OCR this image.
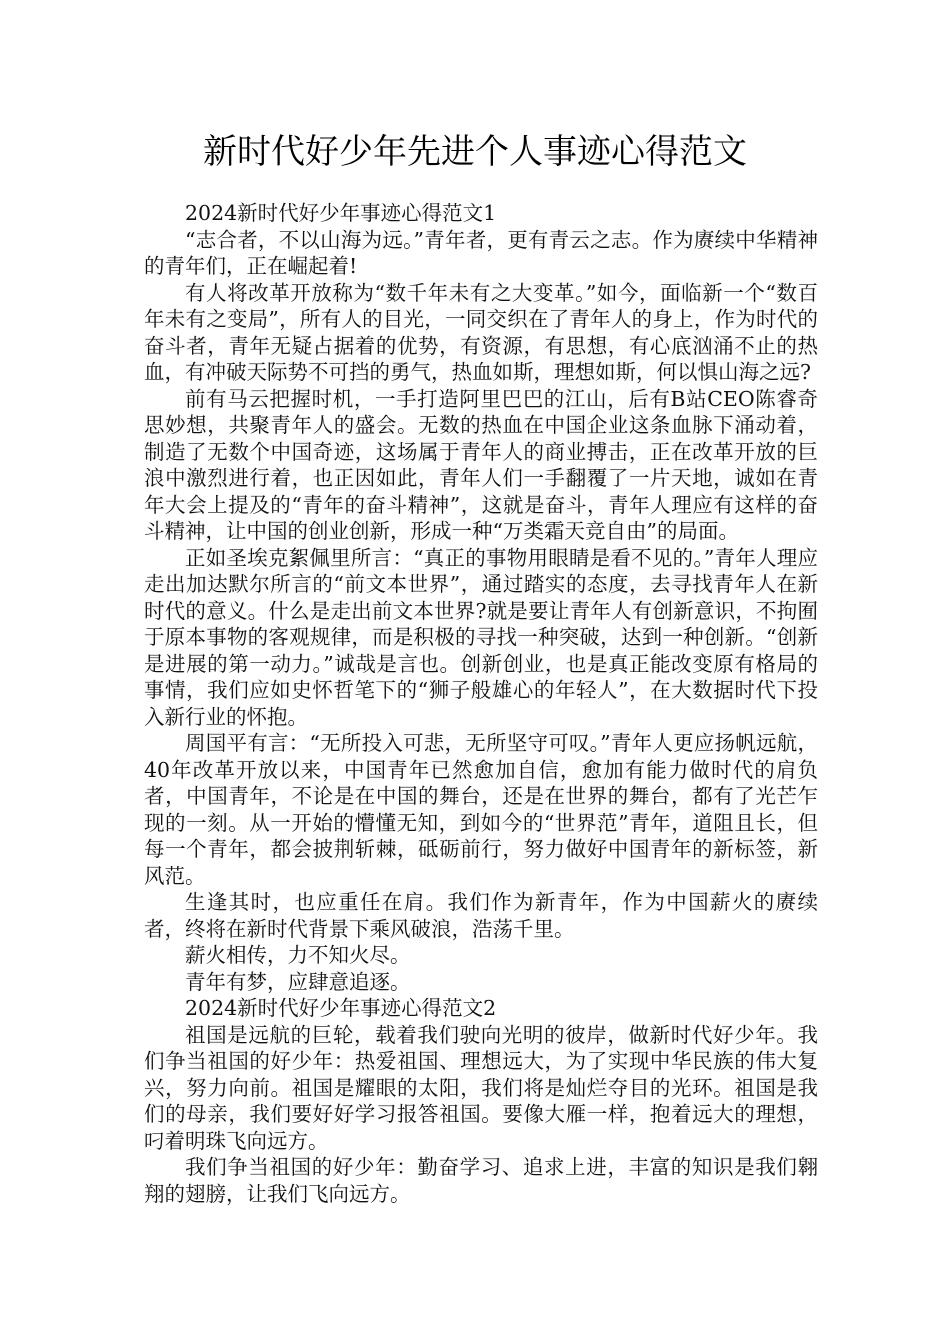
新时代好少年先进个人事迹心得范文

2024新时代好少年事迹心得范文1

“志合者，不以山海为远。”青年者，更有青云之志。作为赓续中华精神的青年们，正在崛起着!

有人将改革开放称为“数千年未有之大变革。”如今，面临新一个“数百年未有之变局”，所有人的目光，一同交织在了青年人的身上，作为时代的奋斗者，青年无疑占据着的优势，有资源，有思想，有心底汹涌不止的热血，有冲破天际势不可挡的勇气，热血如斯，理想如斯，何以惧山海之远?

前有马云把握时机，一手打造阿里巴巴的江山，后有B站CEO陈睿奇思妙想，共聚青年人的盛会。无数的热血在中国企业这条血脉下涌动着，制造了无数个中国奇迹，这场属于青年人的商业搏击，正在改革开放的巨浪中激烈进行着，也正因如此，青年人们一手翻覆了一片天地，诚如在青年大会上提及的“青年的奋斗精神”，这就是奋斗，青年人理应有这样的奋斗精神，让中国的创业创新，形成一种“万类霜天竞自由”的局面。

正如圣埃克絮佩里所言：“真正的事物用眼睛是看不见的。”青年人理应走出加达默尔所言的“前文本世界”，通过踏实的态度，去寻找青年人在新时代的意义。什么是走出前文本世界?就是要让青年人有创新意识，不拘囿于原本事物的客观规律，而是积极的寻找一种突破，达到一种创新。“创新是进展的第一动力。”诚哉是言也。创新创业，也是真正能改变原有格局的事情，我们应如史怀哲笔下的“狮子般雄心的年轻人”，在大数据时代下投入新行业的怀抱。

周国平有言：“无所投入可悲，无所坚守可叹。”青年人更应扬帆远航，40年改革开放以来，中国青年已然愈加自信，愈加有能力做时代的肩负者，中国青年，不论是在中国的舞台，还是在世界的舞台，都有了光芒乍现的一刻。从一开始的懵懂无知，到如今的“世界范”青年，道阻且长，但每一个青年，都会披荆斩棘，砥砺前行，努力做好中国青年的新标签，新风范。

生逢其时，也应重任在肩。我们作为新青年，作为中国薪火的赓续者，终将在新时代背景下乘风破浪，浩荡千里。

薪火相传，力不知火尽。

青年有梦，应肆意追逐。

2024新时代好少年事迹心得范文2

祖国是远航的巨轮，载着我们驶向光明的彼岸，做新时代好少年。我们争当祖国的好少年：热爱祖国、理想远大，为了实现中华民族的伟大复兴，努力向前。祖国是耀眼的太阳，我们将是灿烂夺目的光环。祖国是我们的母亲，我们要好好学习报答祖国。要像大雁一样，抱着远大的理想，叼着明珠飞向远方。

我们争当祖国的好少年：勤奋学习、追求上进，丰富的知识是我们翱翔的翅膀，让我们飞向远方。
